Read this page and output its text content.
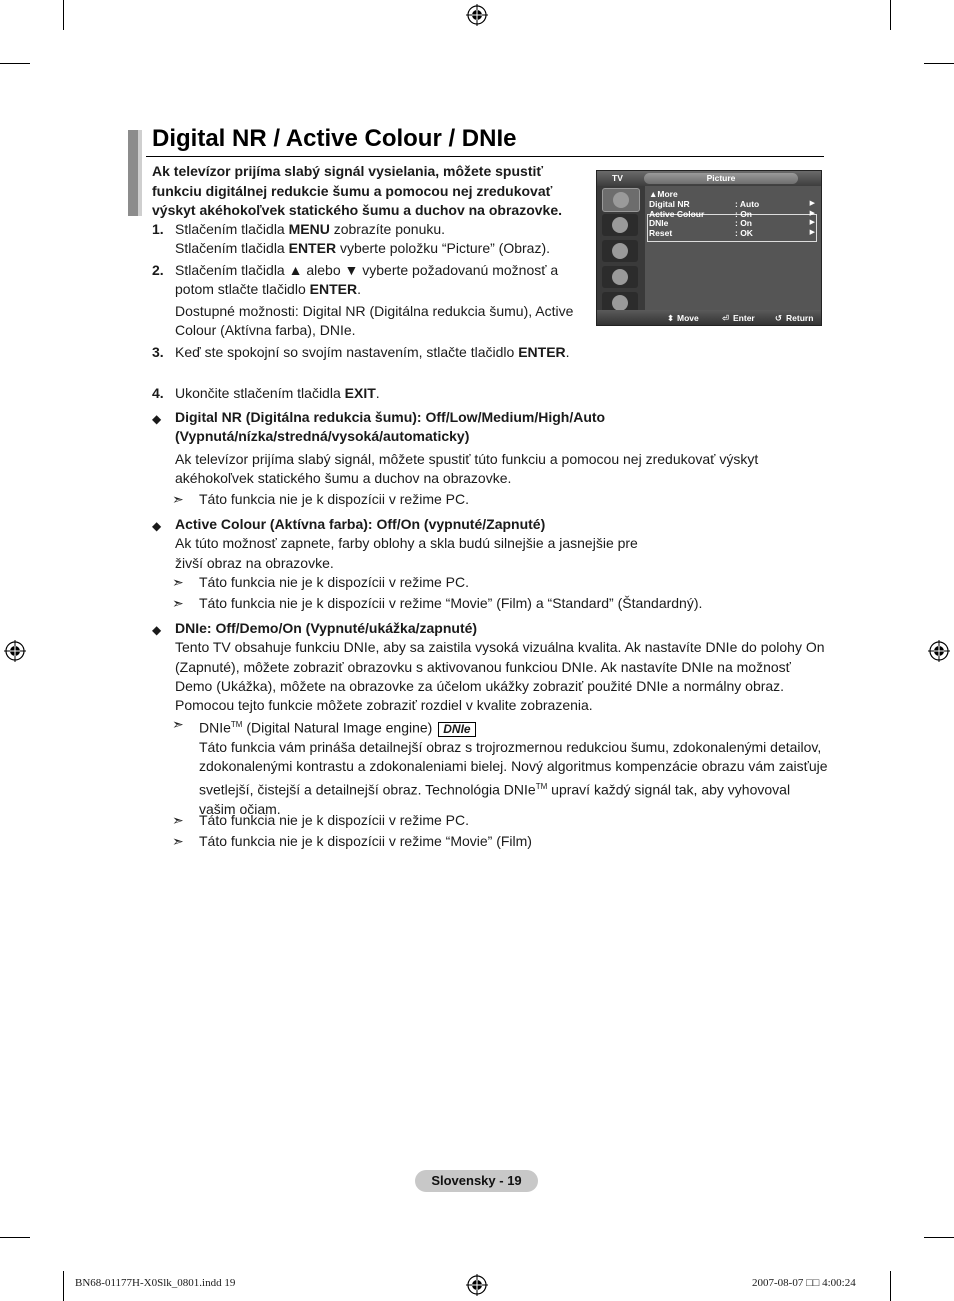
Digital NR / Active Colour / DNIe

Ak televízor prijíma slabý signál vysielania, môžete spustiť funkciu digitálnej redukcie šumu a pomocou nej zredukovať výskyt akéhokoľvek statického šumu a duchov na obrazovke.

1. Stlačením tlačidla MENU zobrazíte ponuku.
Stlačením tlačidla ENTER vyberte položku “Picture” (Obraz).
2. Stlačením tlačidla ▲ alebo ▼ vyberte požadovanú možnosť a potom stlačte tlačidlo ENTER.
Dostupné možnosti: Digital NR (Digitálna redukcia šumu), Active Colour (Aktívna farba), DNIe.
3. Keď ste spokojní so svojím nastavením, stlačte tlačidlo ENTER.
4. Ukončite stlačením tlačidla EXIT.
◆ Digital NR (Digitálna redukcia šumu): Off/Low/Medium/High/Auto (Vypnutá/nízka/stredná/vysoká/automaticky)
Ak televízor prijíma slabý signál, môžete spustiť túto funkciu a pomocou nej zredukovať výskyt akéhokoľvek statického šumu a duchov na obrazovke.
➣ Táto funkcia nie je k dispozícii v režime PC.
◆ Active Colour (Aktívna farba): Off/On (vypnuté/Zapnuté)
Ak túto možnosť zapnete, farby oblohy a skla budú silnejšie a jasnejšie pre živší obraz na obrazovke.
➣ Táto funkcia nie je k dispozícii v režime PC.
➣ Táto funkcia nie je k dispozícii v režime “Movie” (Film) a “Standard” (Štandardný).
◆ DNIe: Off/Demo/On (Vypnuté/ukážka/zapnuté)
Tento TV obsahuje funkciu DNIe, aby sa zaistila vysoká vizuálna kvalita. Ak nastavíte DNIe do polohy On (Zapnuté), môžete zobraziť obrazovku s aktivovanou funkciou DNIe. Ak nastavíte DNIe na možnosť Demo (Ukážka), môžete na obrazovke za účelom ukážky zobraziť použité DNIe a normálny obraz. Pomocou tejto funkcie môžete zobraziť rozdiel v kvalite zobrazenia.
➣ DNIe™ (Digital Natural Image engine) DNIe
Táto funkcia vám prináša detailnejší obraz s trojrozmernou redukciou šumu, zdokonalenými detailov, zdokonalenými kontrastu a zdokonaleniami bielej. Nový algoritmus kompenzácie obrazu vám zaisťuje svetlejší, čistejší a detailnejší obraz. Technológia DNIe™ upraví každý signál tak, aby vyhovoval vašim očiam.
➣ Táto funkcia nie je k dispozícii v režime PC.
➣ Táto funkcia nie je k dispozícii v režime “Movie” (Film)
TV	Picture
▲More
Digital NR	: Auto	▶
Active Colour	: On	▶
DNIe	: On	▶
Reset	: OK	▶
⬍ Move	⏎ Enter ↺ Return
Slovensky - 19
BN68-01177H-X0Slk_0801.indd 19	2007-08-07 □□ 4:00:24
